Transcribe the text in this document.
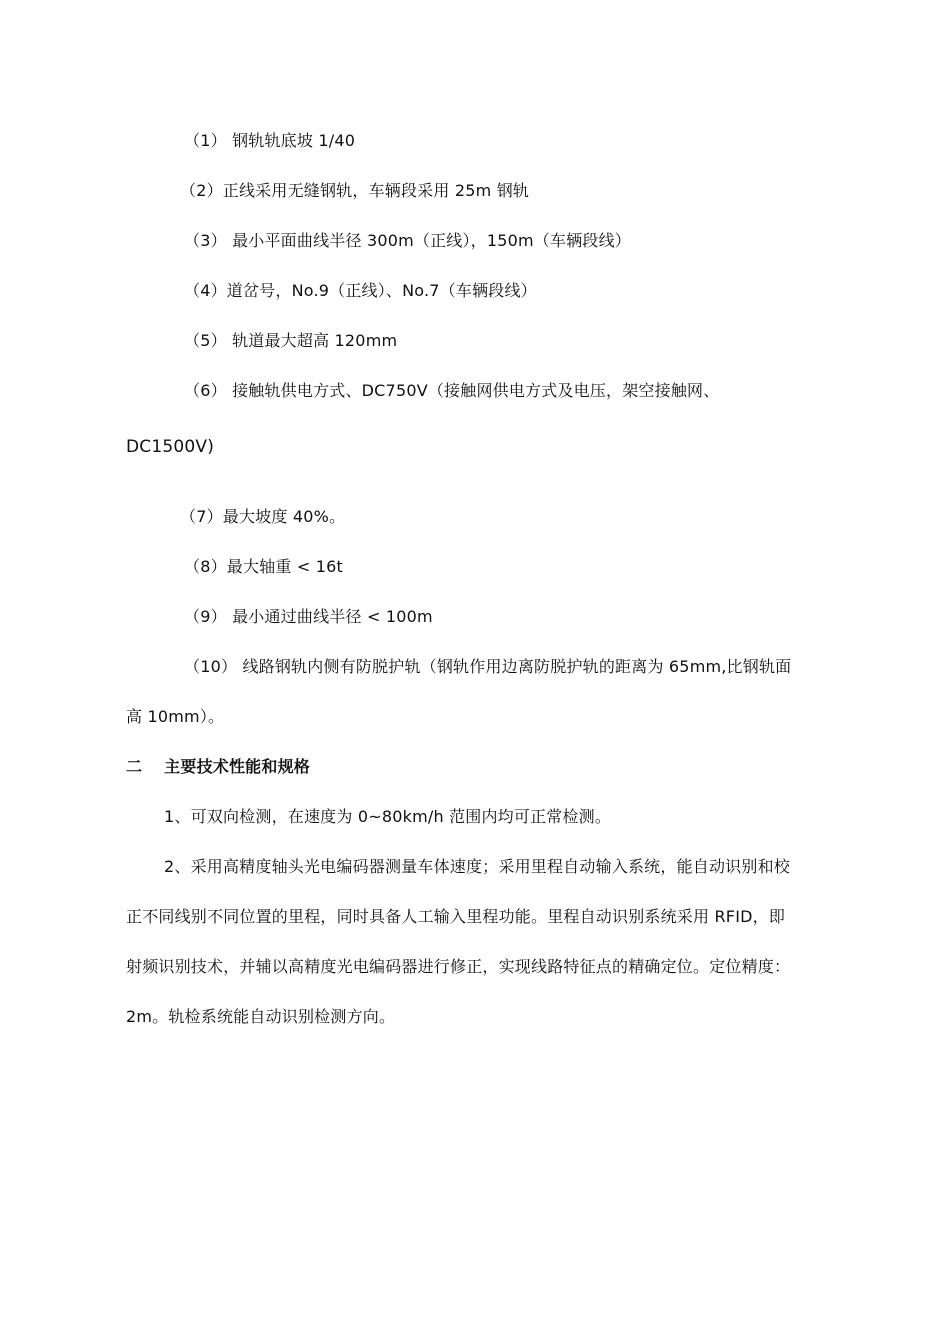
（1） 钢轨轨底坡 1/40
（2）正线采用无缝钢轨，车辆段采用 25m 钢轨
（3） 最小平面曲线半径 300m（正线），150m（车辆段线）
（4）道岔号，No.9（正线）、No.7（车辆段线）
（5） 轨道最大超高 120mm
（6） 接触轨供电方式、DC750V（接触网供电方式及电压，架空接触网、
DC1500V)
（7）最大坡度 40%。
（8）最大轴重 < 16t
（9） 最小通过曲线半径 < 100m
（10） 线路钢轨内侧有防脱护轨（钢轨作用边离防脱护轨的距离为 65mm,比钢轨面
高 10mm）。
二　 主要技术性能和规格
1、可双向检测，在速度为 0~80km/h 范围内均可正常检测。
2、采用高精度轴头光电编码器测量车体速度；采用里程自动输入系统，能自动识别和校
正不同线别不同位置的里程，同时具备人工输入里程功能。里程自动识别系统采用 RFID，即
射频识别技术，并辅以高精度光电编码器进行修正，实现线路特征点的精确定位。定位精度：
2m。轨检系统能自动识别检测方向。
